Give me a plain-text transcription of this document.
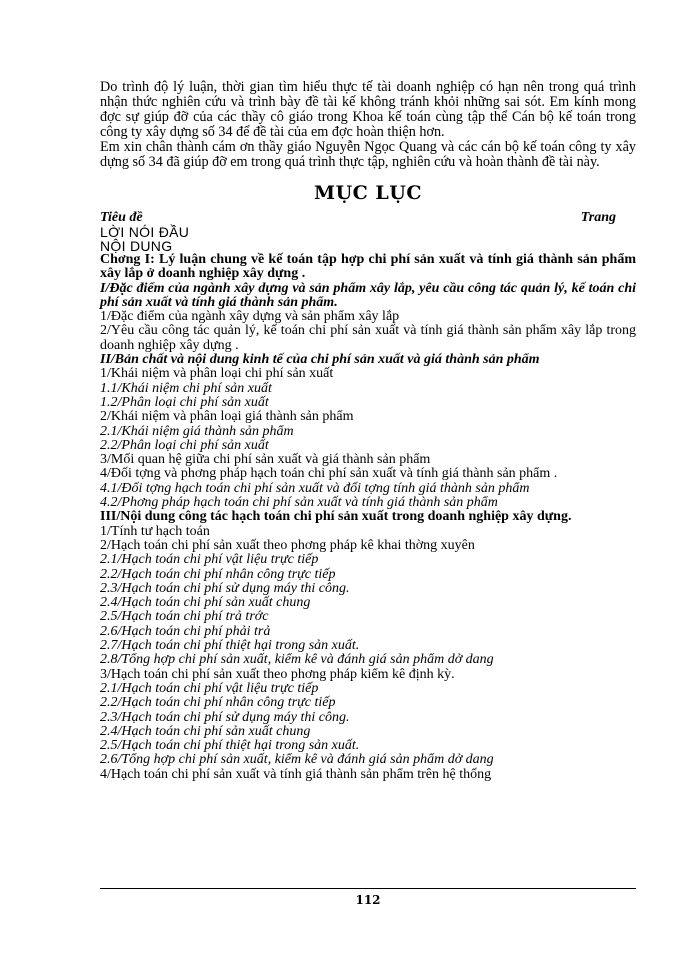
Do trình độ lý luận, thời gian tìm hiểu thực tế tài doanh nghiệp có hạn nên trong quá trình nhận thức nghiên cứu và trình bày đề tài kế không tránh khỏi những sai sót. Em kính mong đợc sự giúp đỡ của các thầy cô giáo trong Khoa kế toán cùng tập thể Cán bộ kế toán trong công ty xây dựng số 34 để đề tài của em đợc hoàn thiện hơn.

Em xin chân thành cám ơn thầy giáo Nguyễn Ngọc Quang và các cán bộ kế toán công ty xây dựng số 34 đã giúp đỡ em trong quá trình thực tập, nghiên cứu và hoàn thành đề tài này.

MỤC LỤC
Tiêu đề	Trang

LỜI NÓI ĐẦU

NỘI DUNG

Chơng I: Lý luận chung về kế toán tập hợp chi phí sản xuất và tính giá thành sản phẩm xây lắp ở doanh nghiệp xây dựng .

I/Đặc điểm của ngành xây dựng và sản phẩm xây lắp, yêu cầu công tác quản lý, kế toán chi phí sản xuất và tính giá thành sản phẩm.

1/Đặc điểm của ngành xây dựng và sản phẩm xây lắp

2/Yêu cầu công tác quản lý, kế toán chi phí sản xuất và tính giá thành sản phẩm xây lắp trong doanh nghiệp xây dựng .

II/Bản chất và nội dung kinh tế của chi phí sản xuất và giá thành sản phẩm

1/Khái niệm và phân loại chi phí sản xuất

1.1/Khái niệm chi phí sản xuất

1.2/Phân loại chi phí sản xuất

2/Khái niệm và phân loại giá thành sản phẩm

2.1/Khái niệm giá thành sản phẩm

2.2/Phân loại chi phí sản xuất

3/Mối quan hệ giữa chi phí sản xuất và giá thành sản phẩm

4/Đối tợng và phơng pháp hạch toán chi phí sản xuất và tính giá thành sản phẩm .

4.1/Đối tợng hạch toán chi phí sản xuất và đối tợng tính giá thành sản phẩm

4.2/Phơng pháp hạch toán chi phí sản xuất và tính giá thành sản phẩm

III/Nội dung công tác hạch toán chi phí sản xuất trong doanh nghiệp xây dựng.

1/Tính tư hạch toán

2/Hạch toán chi phí sản xuất theo phơng pháp kê khai thờng xuyên

2.1/Hạch toán chi phí vật liệu trực tiếp

2.2/Hạch toán chi phí nhân công trực tiếp

2.3/Hạch toán chi phí sử dụng máy thi công.

2.4/Hạch toán chi phí sản xuất chung

2.5/Hạch toán chi phí trả trớc

2.6/Hạch toán chi phí phải trả

2.7/Hạch toán chi phí thiệt hại trong sản xuất.

2.8/Tổng hợp chi phí sản xuất, kiểm kê và đánh giá sản phẩm dở dang

3/Hạch toán chi phí sản xuất theo phơng pháp kiểm kê định kỳ.

2.1/Hạch toán chi phí vật liệu trực tiếp

2.2/Hạch toán chi phí nhân công trực tiếp

2.3/Hạch toán chi phí sử dụng máy thi công.

2.4/Hạch toán chi phí sản xuất chung

2.5/Hạch toán chi phí thiệt hại trong sản xuất.

2.6/Tổng hợp chi phí sản xuất, kiểm kê và đánh giá sản phẩm dở dang

4/Hạch toán chi phí sản xuất và tính giá thành sản phẩm trên hệ thống

112
